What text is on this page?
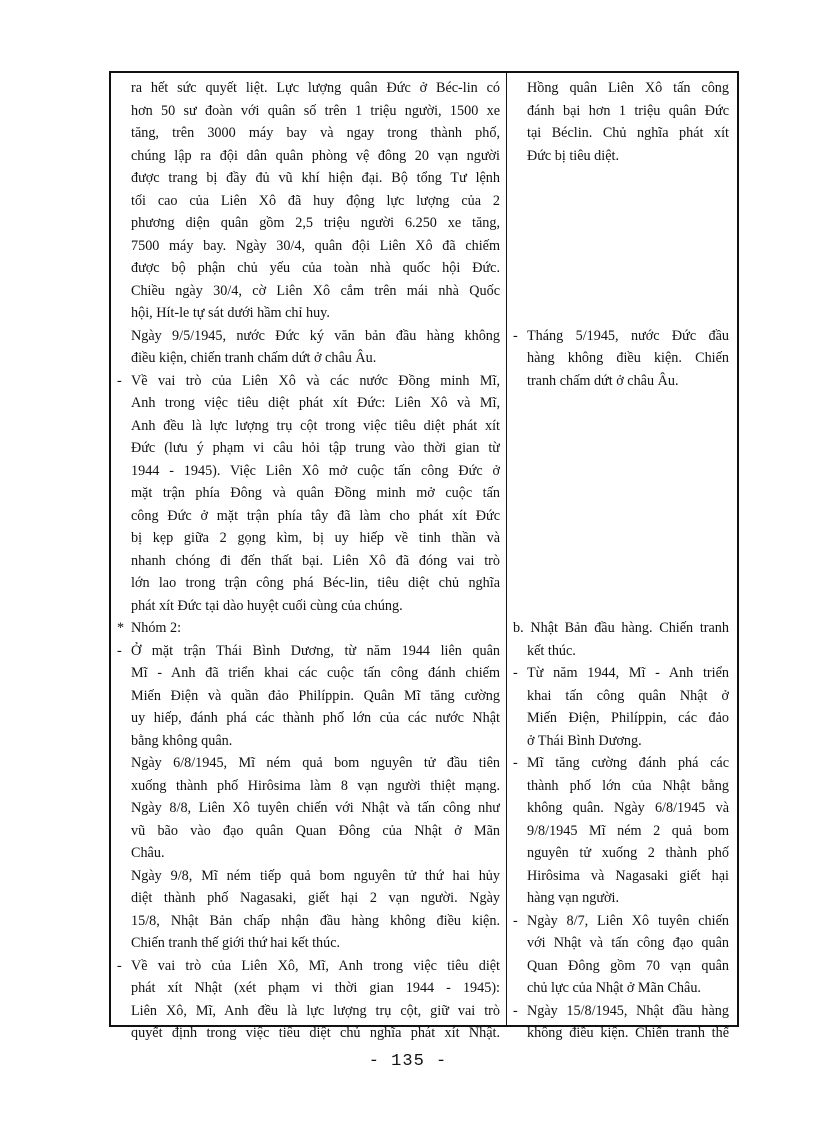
ra hết sức quyết liệt. Lực lượng quân Đức ở Béc-lin có
hơn 50 sư đoàn với quân số trên 1 triệu người, 1500 xe
tăng, trên 3000 máy bay và ngay trong thành phố,
chúng lập ra đội dân quân phòng vệ đông 20 vạn người
được trang bị đầy đủ vũ khí hiện đại. Bộ tổng Tư lệnh
tối cao của Liên Xô đã huy động lực lượng của 2
phương diện quân gồm 2,5 triệu người 6.250 xe tăng,
7500 máy bay. Ngày 30/4, quân đội Liên Xô đã chiếm
được bộ phận chủ yếu của toàn nhà quốc hội Đức.
Chiều ngày 30/4, cờ Liên Xô cắm trên mái nhà Quốc
hội, Hít-le tự sát dưới hầm chỉ huy.
Ngày 9/5/1945, nước Đức ký văn bản đầu hàng không
điều kiện, chiến tranh chấm dứt ở châu Âu.
- Về vai trò của Liên Xô và các nước Đồng minh Mĩ,
Anh trong việc tiêu diệt phát xít Đức: Liên Xô và Mĩ,
Anh đều là lực lượng trụ cột trong việc tiêu diệt phát xít
Đức (lưu ý phạm vi câu hỏi tập trung vào thời gian từ
1944 - 1945). Việc Liên Xô mở cuộc tấn công Đức ở
mặt trận phía Đông và quân Đồng minh mở cuộc tấn
công Đức ở mặt trận phía tây đã làm cho phát xít Đức
bị kẹp giữa 2 gọng kìm, bị uy hiếp về tinh thần và
nhanh chóng đi đến thất bại. Liên Xô đã đóng vai trò
lớn lao trong trận công phá Béc-lin, tiêu diệt chủ nghĩa
phát xít Đức tại dào huyệt cuối cùng của chúng.
* Nhóm 2:
- Ở mặt trận Thái Bình Dương, từ năm 1944 liên quân
Mĩ - Anh đã triển khai các cuộc tấn công đánh chiếm
Miến Điện và quần đảo Philíppin. Quân Mĩ tăng cường
uy hiếp, đánh phá các thành phố lớn của các nước Nhật
bằng không quân.
Ngày 6/8/1945, Mĩ ném quả bom nguyên tử đầu tiên
xuống thành phố Hirôsima làm 8 vạn người thiệt mạng.
Ngày 8/8, Liên Xô tuyên chiến với Nhật và tấn công như
vũ bão vào đạo quân Quan Đông của Nhật ở Mãn
Châu.
Ngày 9/8, Mĩ ném tiếp quả bom nguyên tử thứ hai hủy
diệt thành phố Nagasaki, giết hại 2 vạn người. Ngày
15/8, Nhật Bản chấp nhận đầu hàng không điều kiện.
Chiến tranh thế giới thứ hai kết thúc.
- Về vai trò của Liên Xô, Mĩ, Anh trong việc tiêu diệt
phát xít Nhật (xét phạm vi thời gian 1944 - 1945):
Liên Xô, Mĩ, Anh đều là lực lượng trụ cột, giữ vai trò
quyết định trong việc tiêu diệt chủ nghĩa phát xít Nhật.
Hồng quân Liên Xô tấn công
đánh bại hơn 1 triệu quân Đức
tại Béclin. Chủ nghĩa phát xít
Đức bị tiêu diệt.
- Tháng 5/1945, nước Đức đầu
hàng không điều kiện. Chiến
tranh chấm dứt ở châu Âu.
b. Nhật Bản đầu hàng. Chiến tranh
kết thúc.
- Từ năm 1944, Mĩ - Anh triển
khai tấn công quân Nhật ở
Miến Điện, Philíppin, các đảo
ở Thái Bình Dương.
- Mĩ tăng cường đánh phá các
thành phố lớn của Nhật bằng
không quân. Ngày 6/8/1945 và
9/8/1945 Mĩ ném 2 quả bom
nguyên tử xuống 2 thành phố
Hirôsima và Nagasaki giết hại
hàng vạn người.
- Ngày 8/7, Liên Xô tuyên chiến
với Nhật và tấn công đạo quân
Quan Đông gồm 70 vạn quân
chủ lực của Nhật ở Mãn Châu.
- Ngày 15/8/1945, Nhật đầu hàng
không điều kiện. Chiến tranh thế
- 135 -
